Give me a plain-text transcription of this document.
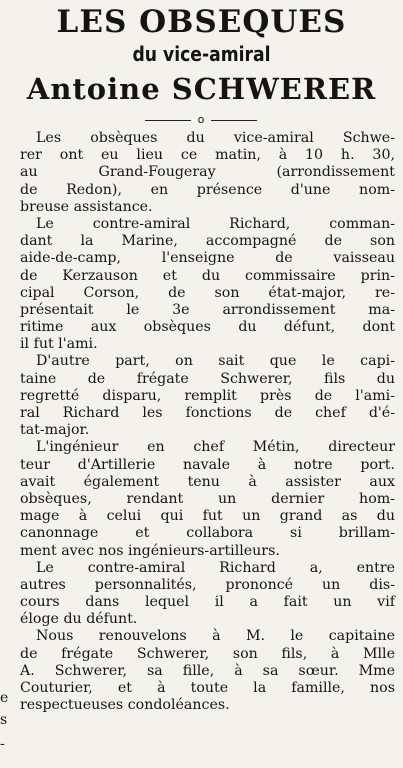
e
s
-
LES OBSEQUES
du vice-amiral
Antoine SCHWERER
o
Les obsèques du vice-amiral Schwe-
rer ont eu lieu ce matin, à 10 h. 30,
au Grand-Fougeray (arrondissement
de Redon), en présence d'une nom-
breuse assistance.
Le contre-amiral Richard, comman-
dant la Marine, accompagné de son
aide-de-camp, l'enseigne de vaisseau
de Kerzauson et du commissaire prin-
cipal Corson, de son état-major, re-
présentait le 3e arrondissement ma-
ritime aux obsèques du défunt, dont
il fut l'ami.
D'autre part, on sait que le capi-
taine de frégate Schwerer, fils du
regretté disparu, remplit près de l'ami-
ral Richard les fonctions de chef d'é-
tat-major.
L'ingénieur en chef Métin, directeur
teur d'Artillerie navale à notre port.
avait également tenu à assister aux
obsèques, rendant un dernier hom-
mage à celui qui fut un grand as du
canonnage et collabora si brillam-
ment avec nos ingénieurs-artilleurs.
Le contre-amiral Richard a, entre
autres personnalités, prononcé un dis-
cours dans lequel il a fait un vif
éloge du défunt.
Nous renouvelons à M. le capitaine
de frégate Schwerer, son fils, à Mlle
A. Schwerer, sa fille, à sa sœur. Mme
Couturier, et à toute la famille, nos
respectueuses condoléances.
